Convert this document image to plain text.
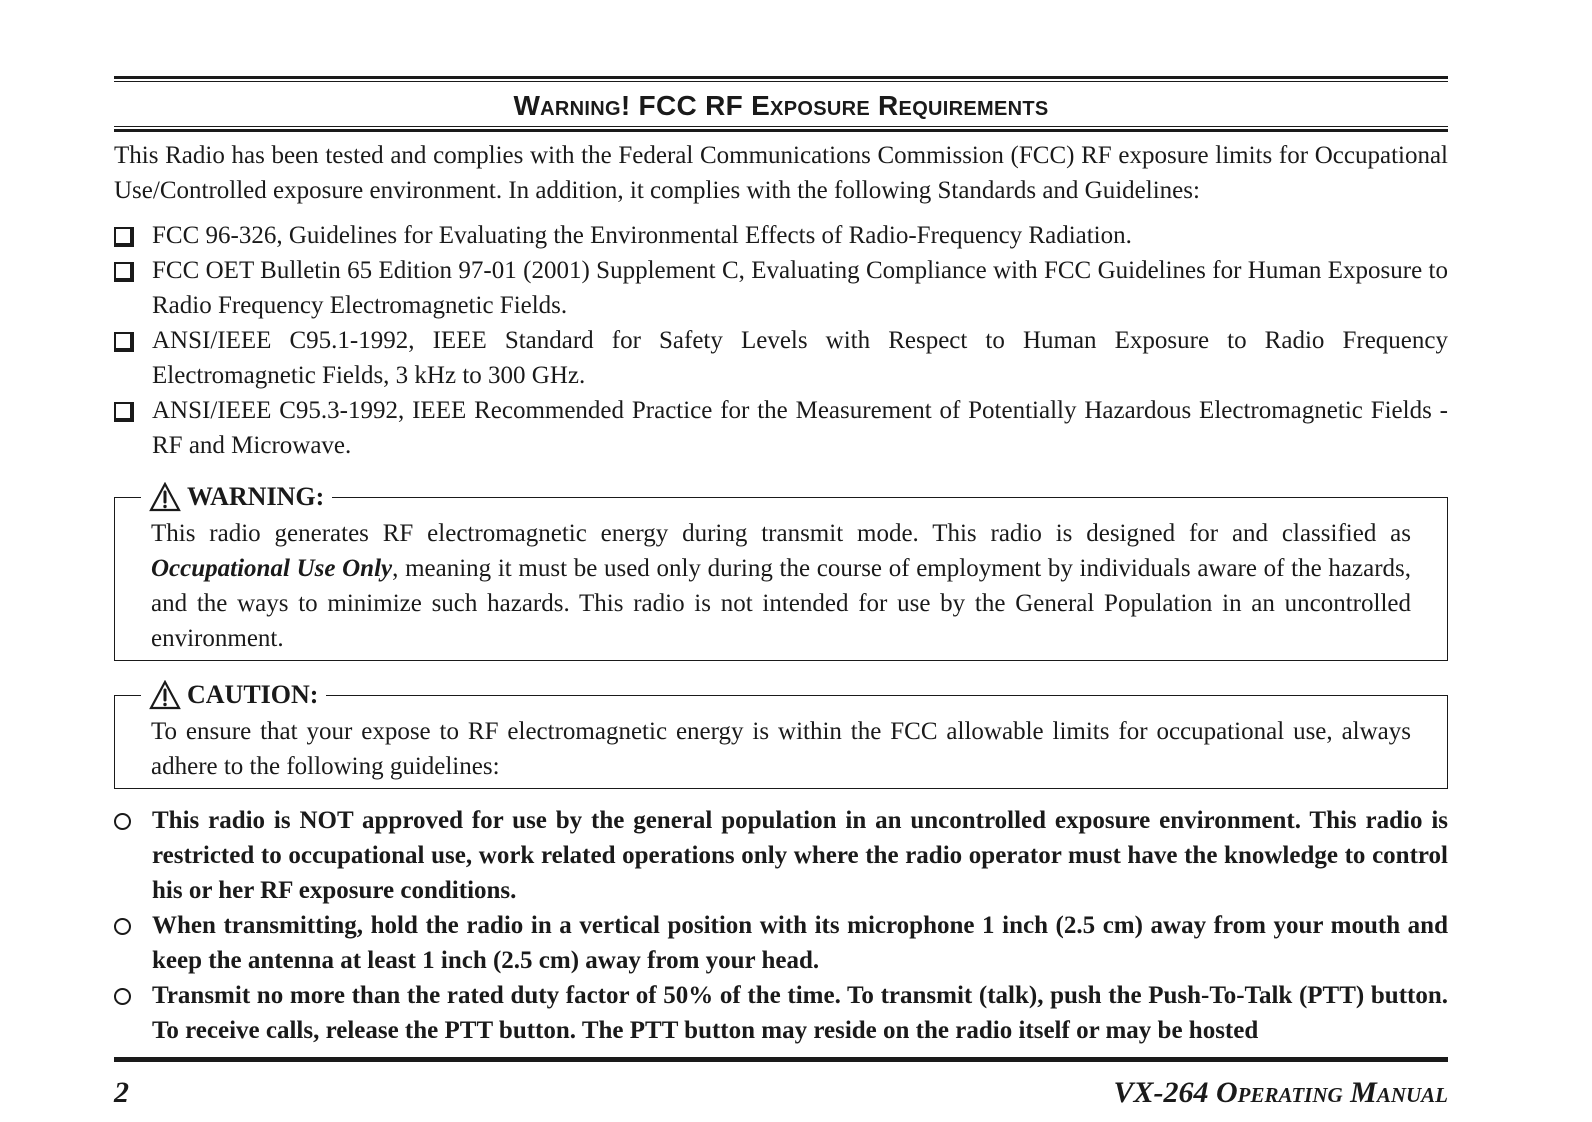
Warning! FCC RF Exposure Requirements

This Radio has been tested and complies with the Federal Communications Commission (FCC) RF exposure limits for Occupational Use/Controlled exposure environment. In addition, it complies with the following Standards and Guidelines:

FCC 96-326, Guidelines for Evaluating the Environmental Effects of Radio-Frequency Radiation.
FCC OET Bulletin 65 Edition 97-01 (2001) Supplement C, Evaluating Compliance with FCC Guidelines for Human Exposure to Radio Frequency Electromagnetic Fields.
ANSI/IEEE C95.1-1992, IEEE Standard for Safety Levels with Respect to Human Exposure to Radio Frequency Electromagnetic Fields, 3 kHz to 300 GHz.
ANSI/IEEE C95.3-1992, IEEE Recommended Practice for the Measurement of Potentially Hazardous Electromagnetic Fields - RF and Microwave.
WARNING:

This radio generates RF electromagnetic energy during transmit mode. This radio is designed for and classified as Occupational Use Only, meaning it must be used only during the course of employment by individuals aware of the hazards, and the ways to minimize such hazards. This radio is not intended for use by the General Population in an uncontrolled environment.

CAUTION:

To ensure that your expose to RF electromagnetic energy is within the FCC allowable limits for occupational use, always adhere to the following guidelines:

This radio is NOT approved for use by the general population in an uncontrolled exposure environment. This radio is restricted to occupational use, work related operations only where the radio operator must have the knowledge to control his or her RF exposure conditions.
When transmitting, hold the radio in a vertical position with its microphone 1 inch (2.5 cm) away from your mouth and keep the antenna at least 1 inch (2.5 cm) away from your head.
Transmit no more than the rated duty factor of 50% of the time. To transmit (talk), push the Push-To-Talk (PTT) button. To receive calls, release the PTT button. The PTT button may reside on the radio itself or may be hosted
2	VX-264 Operating Manual
